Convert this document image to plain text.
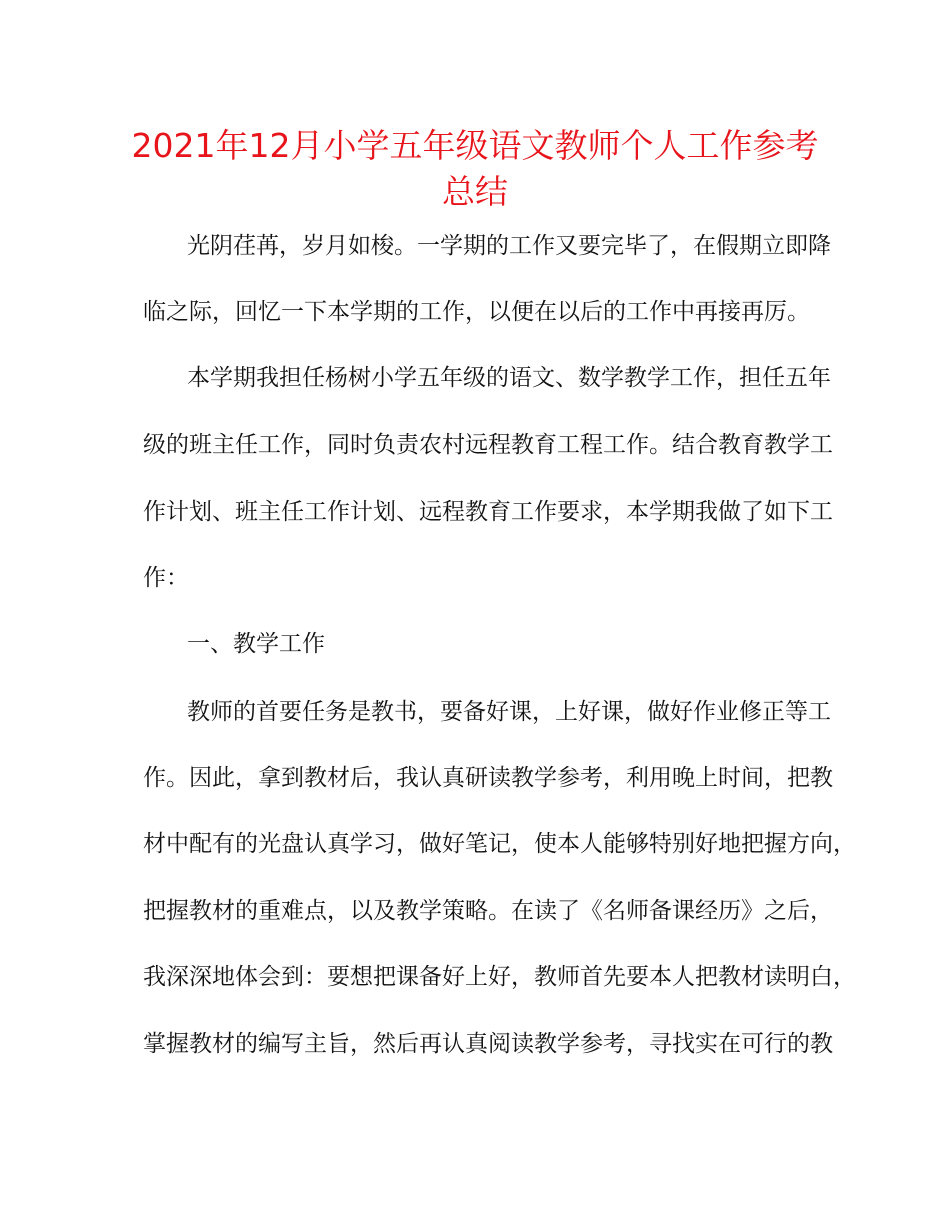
2021年12月小学五年级语文教师个人工作参考
总结
光阴荏苒，岁月如梭。一学期的工作又要完毕了，在假期立即降
临之际，回忆一下本学期的工作，以便在以后的工作中再接再厉。
本学期我担任杨树小学五年级的语文、数学教学工作，担任五年
级的班主任工作，同时负责农村远程教育工程工作。结合教育教学工
作计划、班主任工作计划、远程教育工作要求，本学期我做了如下工
作：
一、教学工作
教师的首要任务是教书，要备好课，上好课，做好作业修正等工
作。因此，拿到教材后，我认真研读教学参考，利用晚上时间，把教
材中配有的光盘认真学习，做好笔记，使本人能够特别好地把握方向，
把握教材的重难点，以及教学策略。在读了《名师备课经历》之后，
我深深地体会到：要想把课备好上好，教师首先要本人把教材读明白，
掌握教材的编写主旨，然后再认真阅读教学参考，寻找实在可行的教
